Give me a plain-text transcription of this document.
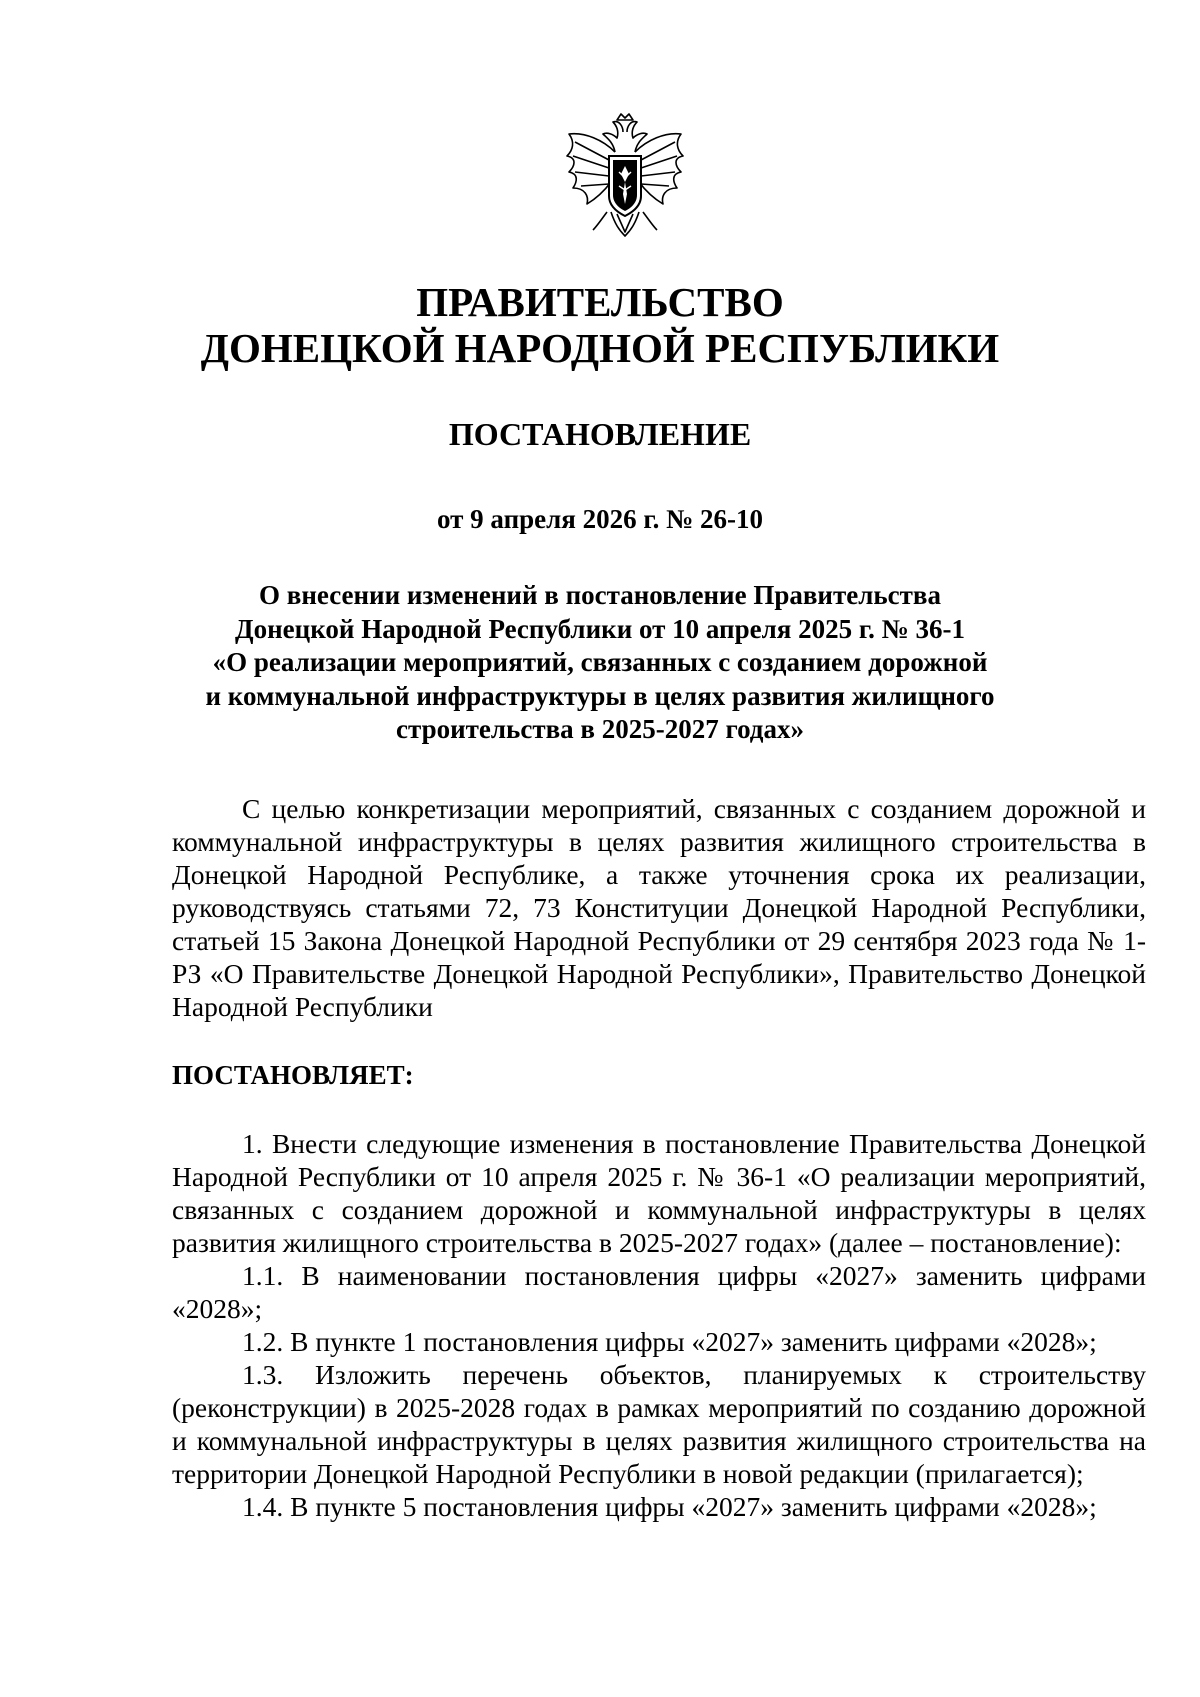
ПРАВИТЕЛЬСТВО
ДОНЕЦКОЙ НАРОДНОЙ РЕСПУБЛИКИ
ПОСТАНОВЛЕНИЕ
от 9 апреля 2026 г. № 26-10
О внесении изменений в постановление Правительства
Донецкой Народной Республики от 10 апреля 2025 г. № 36-1
«О реализации мероприятий, связанных с созданием дорожной
и коммунальной инфраструктуры в целях развития жилищного
строительства в 2025-2027 годах»
С целью конкретизации мероприятий, связанных с созданием дорожной и коммунальной инфраструктуры в целях развития жилищного строительства в Донецкой Народной Республике, а также уточнения срока их реализации, руководствуясь статьями 72, 73 Конституции Донецкой Народной Республики, статьей 15 Закона Донецкой Народной Республики от 29 сентября 2023 года № 1-РЗ «О Правительстве Донецкой Народной Республики», Правительство Донецкой Народной Республики
ПОСТАНОВЛЯЕТ:

1. Внести следующие изменения в постановление Правительства Донецкой Народной Республики от 10 апреля 2025 г. № 36-1 «О реализации мероприятий, связанных с созданием дорожной и коммунальной инфраструктуры в целях развития жилищного строительства в 2025-2027 годах» (далее – постановление):

1.1. В наименовании постановления цифры «2027» заменить цифрами «2028»;

1.2. В пункте 1 постановления цифры «2027» заменить цифрами «2028»;

1.3. Изложить перечень объектов, планируемых к строительству (реконструкции) в 2025-2028 годах в рамках мероприятий по созданию дорожной и коммунальной инфраструктуры в целях развития жилищного строительства на территории Донецкой Народной Республики в новой редакции (прилагается);

1.4. В пункте 5 постановления цифры «2027» заменить цифрами «2028»;
